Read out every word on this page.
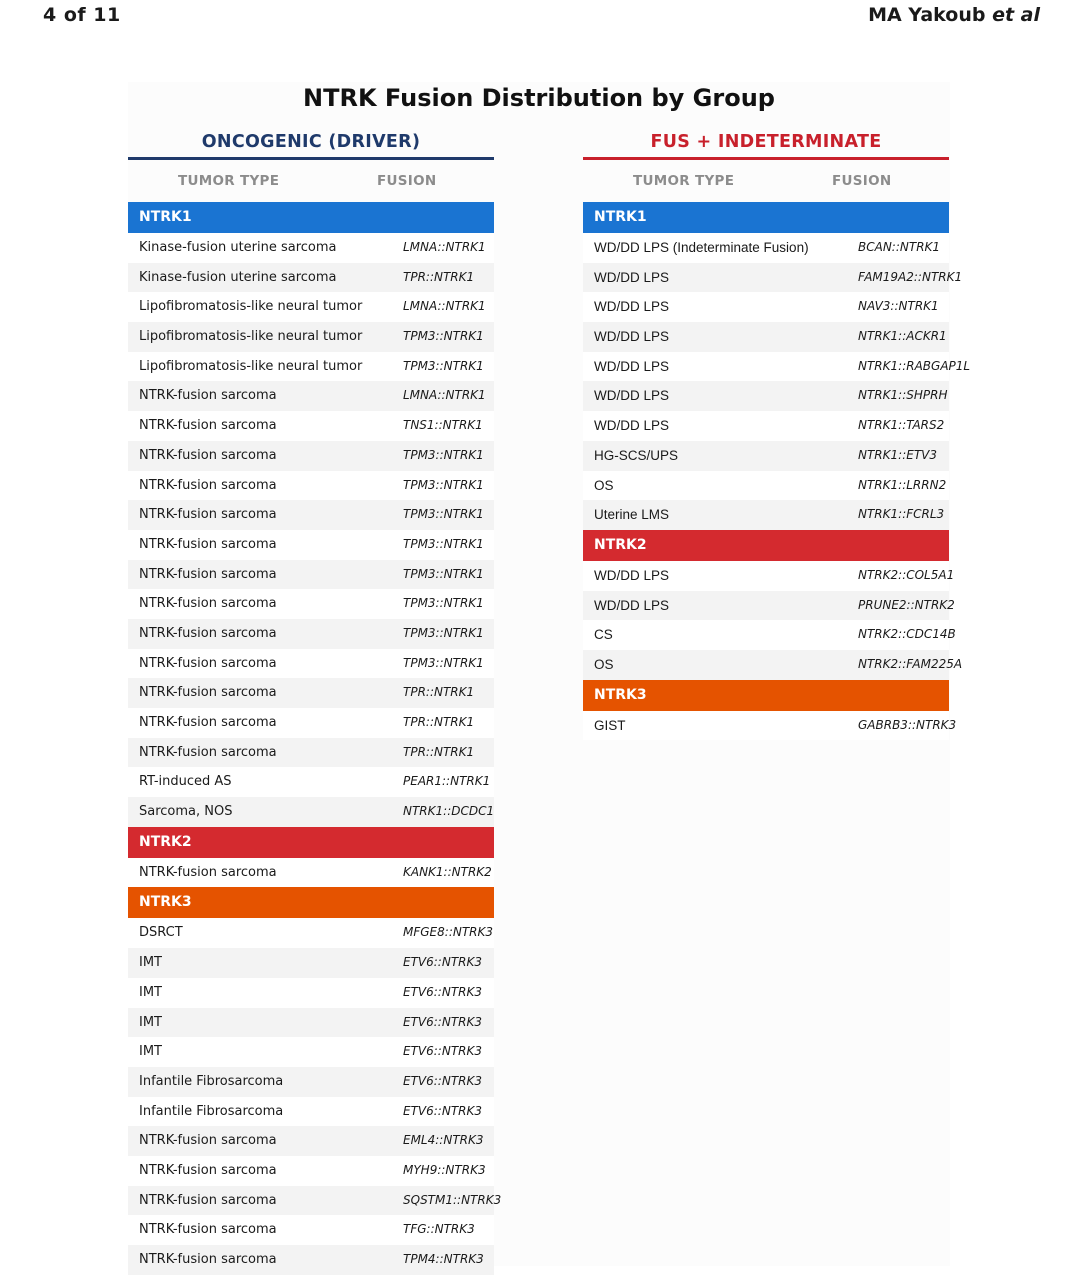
4 of 11	MA Yakoub et al
NTRK Fusion Distribution by Group
ONCOGENIC (DRIVER)
TUMOR TYPE	FUSION
NTRK1
Kinase-fusion uterine sarcoma	LMNA::NTRK1
Kinase-fusion uterine sarcoma	TPR::NTRK1
Lipofibromatosis-like neural tumor	LMNA::NTRK1
Lipofibromatosis-like neural tumor	TPM3::NTRK1
Lipofibromatosis-like neural tumor	TPM3::NTRK1
NTRK-fusion sarcoma	LMNA::NTRK1
NTRK-fusion sarcoma	TNS1::NTRK1
NTRK-fusion sarcoma	TPM3::NTRK1
NTRK-fusion sarcoma	TPM3::NTRK1
NTRK-fusion sarcoma	TPM3::NTRK1
NTRK-fusion sarcoma	TPM3::NTRK1
NTRK-fusion sarcoma	TPM3::NTRK1
NTRK-fusion sarcoma	TPM3::NTRK1
NTRK-fusion sarcoma	TPM3::NTRK1
NTRK-fusion sarcoma	TPM3::NTRK1
NTRK-fusion sarcoma	TPR::NTRK1
NTRK-fusion sarcoma	TPR::NTRK1
NTRK-fusion sarcoma	TPR::NTRK1
RT-induced AS	PEAR1::NTRK1
Sarcoma, NOS	NTRK1::DCDC1
NTRK2
NTRK-fusion sarcoma	KANK1::NTRK2
NTRK3
DSRCT	MFGE8::NTRK3
IMT	ETV6::NTRK3
IMT	ETV6::NTRK3
IMT	ETV6::NTRK3
IMT	ETV6::NTRK3
Infantile Fibrosarcoma	ETV6::NTRK3
Infantile Fibrosarcoma	ETV6::NTRK3
NTRK-fusion sarcoma	EML4::NTRK3
NTRK-fusion sarcoma	MYH9::NTRK3
NTRK-fusion sarcoma	SQSTM1::NTRK3
NTRK-fusion sarcoma	TFG::NTRK3
NTRK-fusion sarcoma	TPM4::NTRK3
FUS + INDETERMINATE
TUMOR TYPE	FUSION
NTRK1
WD/DD LPS (Indeterminate Fusion)	BCAN::NTRK1
WD/DD LPS	FAM19A2::NTRK1
WD/DD LPS	NAV3::NTRK1
WD/DD LPS	NTRK1::ACKR1
WD/DD LPS	NTRK1::RABGAP1L
WD/DD LPS	NTRK1::SHPRH
WD/DD LPS	NTRK1::TARS2
HG-SCS/UPS	NTRK1::ETV3
OS	NTRK1::LRRN2
Uterine LMS	NTRK1::FCRL3
NTRK2
WD/DD LPS	NTRK2::COL5A1
WD/DD LPS	PRUNE2::NTRK2
CS	NTRK2::CDC14B
OS	NTRK2::FAM225A
NTRK3
GIST	GABRB3::NTRK3
